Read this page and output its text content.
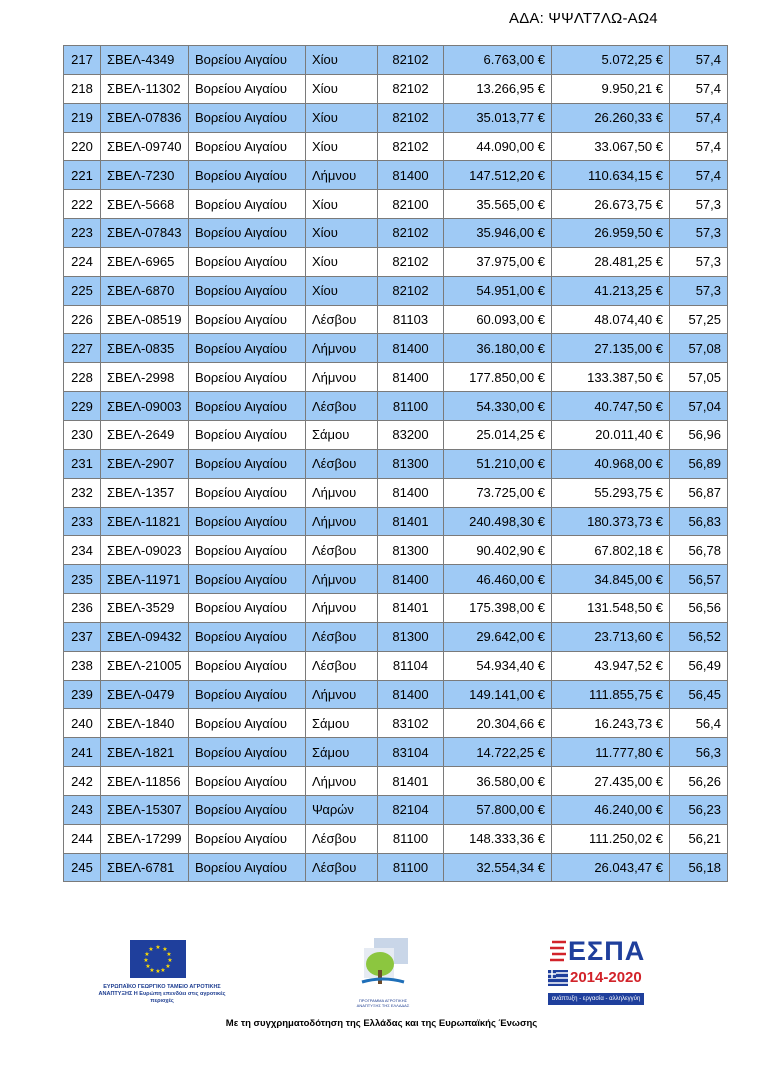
ΑΔΑ: ΨΨΛΤ7ΛΩ-ΑΩ4
217	ΣΒΕΛ-4349	Βορείου Αιγαίου	Χίου	82102	6.763,00 €	5.072,25 €	57,4
218	ΣΒΕΛ-11302	Βορείου Αιγαίου	Χίου	82102	13.266,95 €	9.950,21 €	57,4
219	ΣΒΕΛ-07836	Βορείου Αιγαίου	Χίου	82102	35.013,77 €	26.260,33 €	57,4
220	ΣΒΕΛ-09740	Βορείου Αιγαίου	Χίου	82102	44.090,00 €	33.067,50 €	57,4
221	ΣΒΕΛ-7230	Βορείου Αιγαίου	Λήμνου	81400	147.512,20 €	110.634,15 €	57,4
222	ΣΒΕΛ-5668	Βορείου Αιγαίου	Χίου	82100	35.565,00 €	26.673,75 €	57,3
223	ΣΒΕΛ-07843	Βορείου Αιγαίου	Χίου	82102	35.946,00 €	26.959,50 €	57,3
224	ΣΒΕΛ-6965	Βορείου Αιγαίου	Χίου	82102	37.975,00 €	28.481,25 €	57,3
225	ΣΒΕΛ-6870	Βορείου Αιγαίου	Χίου	82102	54.951,00 €	41.213,25 €	57,3
226	ΣΒΕΛ-08519	Βορείου Αιγαίου	Λέσβου	81103	60.093,00 €	48.074,40 €	57,25
227	ΣΒΕΛ-0835	Βορείου Αιγαίου	Λήμνου	81400	36.180,00 €	27.135,00 €	57,08
228	ΣΒΕΛ-2998	Βορείου Αιγαίου	Λήμνου	81400	177.850,00 €	133.387,50 €	57,05
229	ΣΒΕΛ-09003	Βορείου Αιγαίου	Λέσβου	81100	54.330,00 €	40.747,50 €	57,04
230	ΣΒΕΛ-2649	Βορείου Αιγαίου	Σάμου	83200	25.014,25 €	20.011,40 €	56,96
231	ΣΒΕΛ-2907	Βορείου Αιγαίου	Λέσβου	81300	51.210,00 €	40.968,00 €	56,89
232	ΣΒΕΛ-1357	Βορείου Αιγαίου	Λήμνου	81400	73.725,00 €	55.293,75 €	56,87
233	ΣΒΕΛ-11821	Βορείου Αιγαίου	Λήμνου	81401	240.498,30 €	180.373,73 €	56,83
234	ΣΒΕΛ-09023	Βορείου Αιγαίου	Λέσβου	81300	90.402,90 €	67.802,18 €	56,78
235	ΣΒΕΛ-11971	Βορείου Αιγαίου	Λήμνου	81400	46.460,00 €	34.845,00 €	56,57
236	ΣΒΕΛ-3529	Βορείου Αιγαίου	Λήμνου	81401	175.398,00 €	131.548,50 €	56,56
237	ΣΒΕΛ-09432	Βορείου Αιγαίου	Λέσβου	81300	29.642,00 €	23.713,60 €	56,52
238	ΣΒΕΛ-21005	Βορείου Αιγαίου	Λέσβου	81104	54.934,40 €	43.947,52 €	56,49
239	ΣΒΕΛ-0479	Βορείου Αιγαίου	Λήμνου	81400	149.141,00 €	111.855,75 €	56,45
240	ΣΒΕΛ-1840	Βορείου Αιγαίου	Σάμου	83102	20.304,66 €	16.243,73 €	56,4
241	ΣΒΕΛ-1821	Βορείου Αιγαίου	Σάμου	83104	14.722,25 €	11.777,80 €	56,3
242	ΣΒΕΛ-11856	Βορείου Αιγαίου	Λήμνου	81401	36.580,00 €	27.435,00 €	56,26
243	ΣΒΕΛ-15307	Βορείου Αιγαίου	Ψαρών	82104	57.800,00 €	46.240,00 €	56,23
244	ΣΒΕΛ-17299	Βορείου Αιγαίου	Λέσβου	81100	148.333,36 €	111.250,02 €	56,21
245	ΣΒΕΛ-6781	Βορείου Αιγαίου	Λέσβου	81100	32.554,34 €	26.043,47 €	56,18
★ ★
★
★
★
★
★
★
★
★
★
★
ΕΥΡΩΠΑΪΚΟ ΓΕΩΡΓΙΚΟ ΤΑΜΕΙΟ ΑΓΡΟΤΙΚΗΣ ΑΝΑΠΤΥΞΗΣ Η Ευρώπη επενδύει στις αγροτικές περιοχές	ΠΡΟΓΡΑΜΜΑ ΑΓΡΟΤΙΚΗΣ ΑΝΑΠΤΥΞΗΣ ΤΗΣ ΕΛΛΑΔΑΣ
ΕΣΠΑ
2014-2020
ανάπτυξη - εργασία - αλληλεγγύη
Με τη συγχρηματοδότηση της Ελλάδας και της Ευρωπαϊκής Ένωσης
